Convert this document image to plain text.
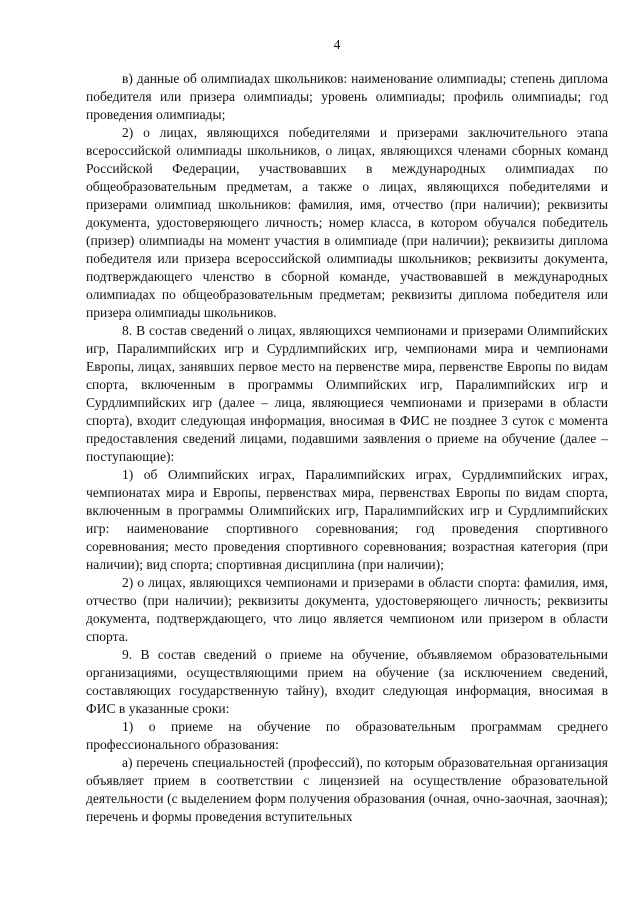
4

в) данные об олимпиадах школьников: наименование олимпиады; степень диплома победителя или призера олимпиады; уровень олимпиады; профиль олимпиады; год проведения олимпиады;

2) о лицах, являющихся победителями и призерами заключительного этапа всероссийской олимпиады школьников, о лицах, являющихся членами сборных команд Российской Федерации, участвовавших в международных олимпиадах по общеобразовательным предметам, а также о лицах, являющихся победителями и призерами олимпиад школьников: фамилия, имя, отчество (при наличии); реквизиты документа, удостоверяющего личность; номер класса, в котором обучался победитель (призер) олимпиады на момент участия в олимпиаде (при наличии); реквизиты диплома победителя или призера всероссийской олимпиады школьников; реквизиты документа, подтверждающего членство в сборной команде, участвовавшей в международных олимпиадах по общеобразовательным предметам; реквизиты диплома победителя или призера олимпиады школьников.

8. В состав сведений о лицах, являющихся чемпионами и призерами Олимпийских игр, Паралимпийских игр и Сурдлимпийских игр, чемпионами мира и чемпионами Европы, лицах, занявших первое место на первенстве мира, первенстве Европы по видам спорта, включенным в программы Олимпийских игр, Паралимпийских игр и Сурдлимпийских игр (далее – лица, являющиеся чемпионами и призерами в области спорта), входит следующая информация, вносимая в ФИС не позднее 3 суток с момента предоставления сведений лицами, подавшими заявления о приеме на обучение (далее – поступающие):

1) об Олимпийских играх, Паралимпийских играх, Сурдлимпийских играх, чемпионатах мира и Европы, первенствах мира, первенствах Европы по видам спорта, включенным в программы Олимпийских игр, Паралимпийских игр и Сурдлимпийских игр: наименование спортивного соревнования; год проведения спортивного соревнования; место проведения спортивного соревнования; возрастная категория (при наличии); вид спорта; спортивная дисциплина (при наличии);

2) о лицах, являющихся чемпионами и призерами в области спорта: фамилия, имя, отчество (при наличии); реквизиты документа, удостоверяющего личность; реквизиты документа, подтверждающего, что лицо является чемпионом или призером в области спорта.

9. В состав сведений о приеме на обучение, объявляемом образовательными организациями, осуществляющими прием на обучение (за исключением сведений, составляющих государственную тайну), входит следующая информация, вносимая в ФИС в указанные сроки:

1) о приеме на обучение по образовательным программам среднего профессионального образования:

а) перечень специальностей (профессий), по которым образовательная организация объявляет прием в соответствии с лицензией на осуществление образовательной деятельности (с выделением форм получения образования (очная, очно-заочная, заочная); перечень и формы проведения вступительных
